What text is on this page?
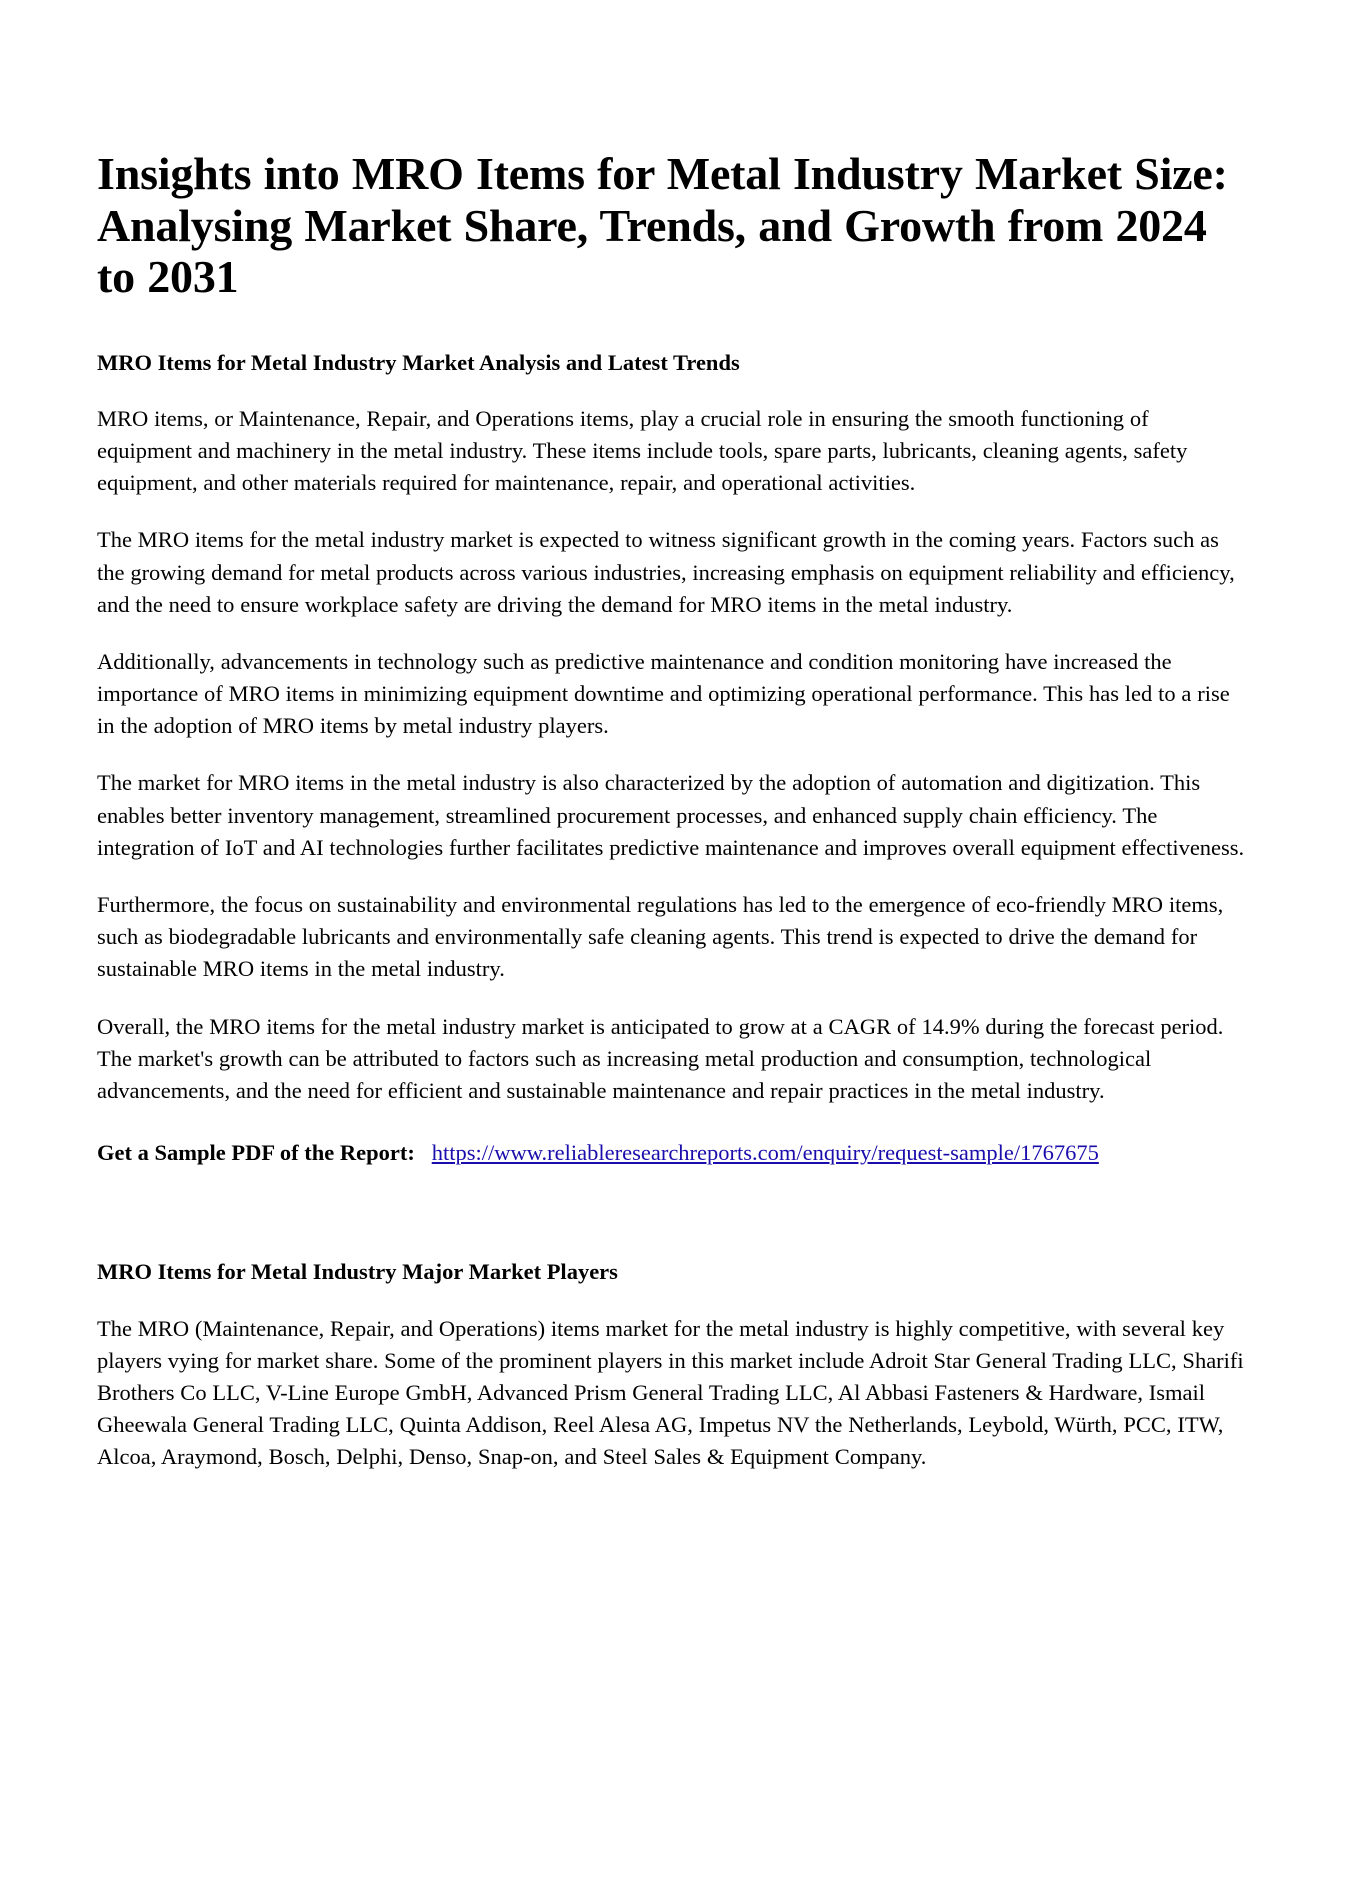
Insights into MRO Items for Metal Industry Market Size: Analysing Market Share, Trends, and Growth from 2024 to 2031
MRO Items for Metal Industry Market Analysis and Latest Trends

MRO items, or Maintenance, Repair, and Operations items, play a crucial role in ensuring the smooth functioning of equipment and machinery in the metal industry. These items include tools, spare parts, lubricants, cleaning agents, safety equipment, and other materials required for maintenance, repair, and operational activities.

The MRO items for the metal industry market is expected to witness significant growth in the coming years. Factors such as the growing demand for metal products across various industries, increasing emphasis on equipment reliability and efficiency, and the need to ensure workplace safety are driving the demand for MRO items in the metal industry.

Additionally, advancements in technology such as predictive maintenance and condition monitoring have increased the importance of MRO items in minimizing equipment downtime and optimizing operational performance. This has led to a rise in the adoption of MRO items by metal industry players.

The market for MRO items in the metal industry is also characterized by the adoption of automation and digitization. This enables better inventory management, streamlined procurement processes, and enhanced supply chain efficiency. The integration of IoT and AI technologies further facilitates predictive maintenance and improves overall equipment effectiveness.

Furthermore, the focus on sustainability and environmental regulations has led to the emergence of eco-friendly MRO items, such as biodegradable lubricants and environmentally safe cleaning agents. This trend is expected to drive the demand for sustainable MRO items in the metal industry.

Overall, the MRO items for the metal industry market is anticipated to grow at a CAGR of 14.9% during the forecast period. The market's growth can be attributed to factors such as increasing metal production and consumption, technological advancements, and the need for efficient and sustainable maintenance and repair practices in the metal industry.

Get a Sample PDF of the Report: https://www.reliableresearchreports.com/enquiry/request-sample/1767675

MRO Items for Metal Industry Major Market Players

The MRO (Maintenance, Repair, and Operations) items market for the metal industry is highly competitive, with several key players vying for market share. Some of the prominent players in this market include Adroit Star General Trading LLC, Sharifi Brothers Co LLC, V-Line Europe GmbH, Advanced Prism General Trading LLC, Al Abbasi Fasteners & Hardware, Ismail Gheewala General Trading LLC, Quinta Addison, Reel Alesa AG, Impetus NV the Netherlands, Leybold, Würth, PCC, ITW, Alcoa, Araymond, Bosch, Delphi, Denso, Snap-on, and Steel Sales & Equipment Company.
